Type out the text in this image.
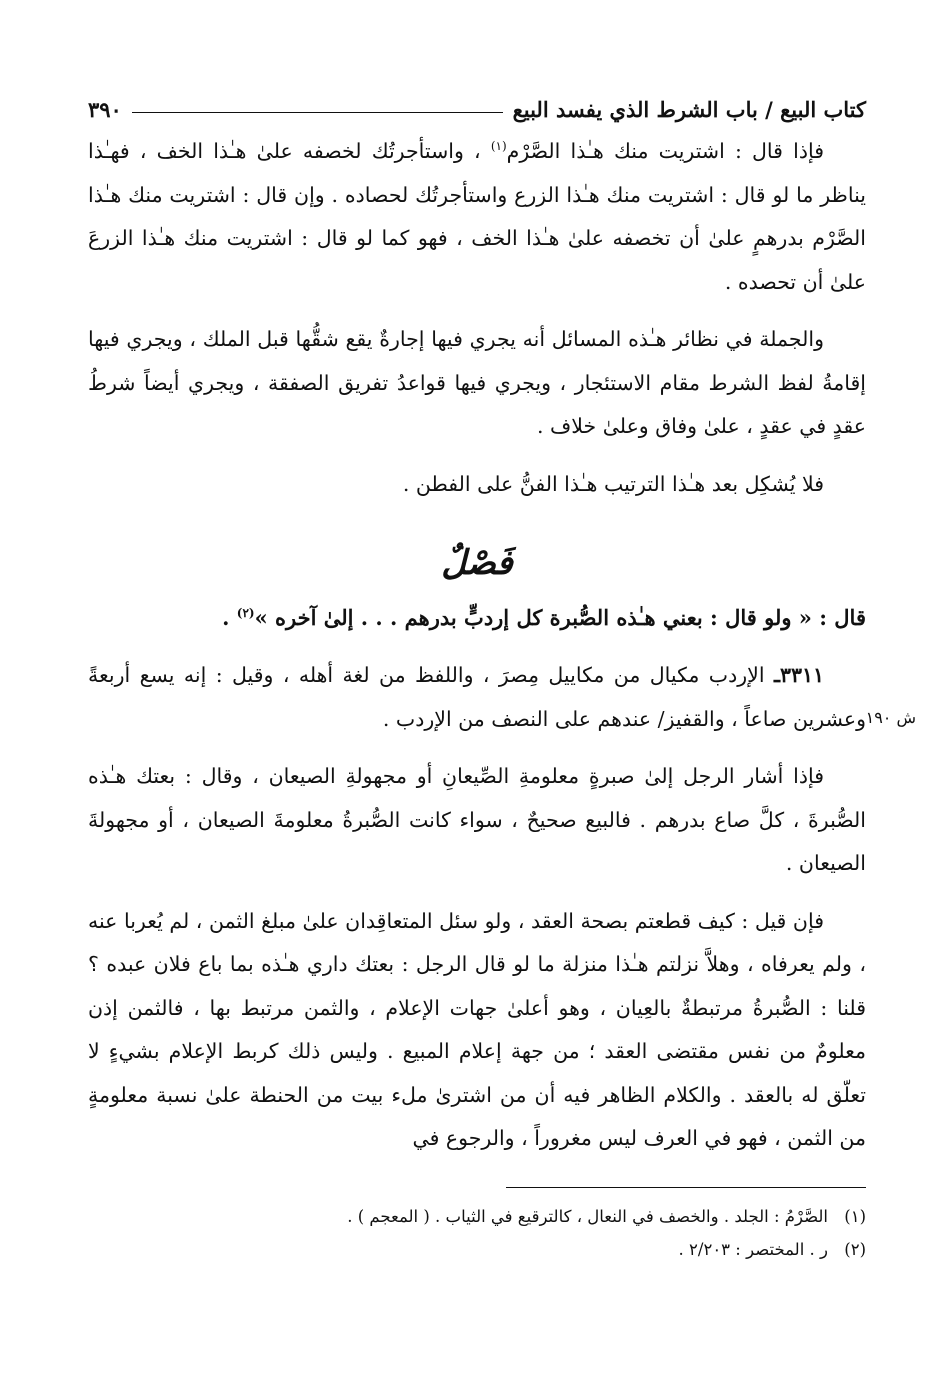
كتاب البيع / باب الشرط الذي يفسد البيع
٣٩٠

فإذا قال : اشتريت منك هـٰذا الصَّرْم$^{(١)}$ ، واستأجرتُك لخصفه علىٰ هـٰذا الخف ، فهـٰذا يناظر ما لو قال : اشتريت منك هـٰذا الزرع واستأجرتُك لحصاده . وإن قال : اشتريت منك هـٰذا الصَّرْم بدرهمٍ علىٰ أن تخصفه علىٰ هـٰذا الخف ، فهو كما لو قال : اشتريت منك هـٰذا الزرعَ علىٰ أن تحصده .

والجملة في نظائر هـٰذه المسائل أنه يجري فيها إجارةٌ يقع شقُّها قبل الملك ، ويجري فيها إقامةُ لفظ الشرط مقام الاستئجار ، ويجري فيها قواعدُ تفريق الصفقة ، ويجري أيضاً شرطُ عقدٍ في عقدٍ ، علىٰ وفاق وعلىٰ خلاف .

فلا يُشكِل بعد هـٰذا الترتيب هـٰذا الفنُّ على الفطن .

فَصْلٌ

قال : « ولو قال : بعني هـٰذه الصُّبرة كل إردبٍّ بدرهم . . . إلىٰ آخره »$^{(٢)}$ .

٣٣١١ـ الإردب مكيال من مكاييل مِصرَ ، واللفظ من لغة أهله ، وقيل : إنه يسع أربعةً وعشرين صاعاً ، والقفيز/ عندهم على النصف من الإردب . ش ١٩٠

فإذا أشار الرجل إلىٰ صبرةٍ معلومةِ الصِّيعانِ أو مجهولةِ الصيعان ، وقال : بعتك هـٰذه الصُّبرةَ ، كلَّ صاع بدرهم . فالبيع صحيحٌ ، سواء كانت الصُّبرةُ معلومةَ الصيعان ، أو مجهولةَ الصيعان .

فإن قيل : كيف قطعتم بصحة العقد ، ولو سئل المتعاقِدان علىٰ مبلغ الثمن ، لم يُعربا عنه ، ولم يعرفاه ، وهلاَّ نزلتم هـٰذا منزلة ما لو قال الرجل : بعتك داري هـٰذه بما باع فلان عبده ؟ قلنا : الصُّبرةُ مرتبطةٌ بالعِيان ، وهو أعلىٰ جهات الإعلام ، والثمن مرتبط بها ، فالثمن إذن معلومٌ من نفس مقتضى العقد ؛ من جهة إعلام المبيع . وليس ذلك كربط الإعلام بشيءٍ لا تعلّق له بالعقد . والكلام الظاهر فيه أن من اشترىٰ ملء بيت من الحنطة علىٰ نسبة معلومةٍ من الثمن ، فهو في العرف ليس مغروراً ، والرجوع في

(١)
الصَّرْمُ : الجلد . والخصف في النعال ، كالترقيع في الثياب . ( المعجم ) .
(٢)
ر . المختصر : ٢/٢٠٣ .
